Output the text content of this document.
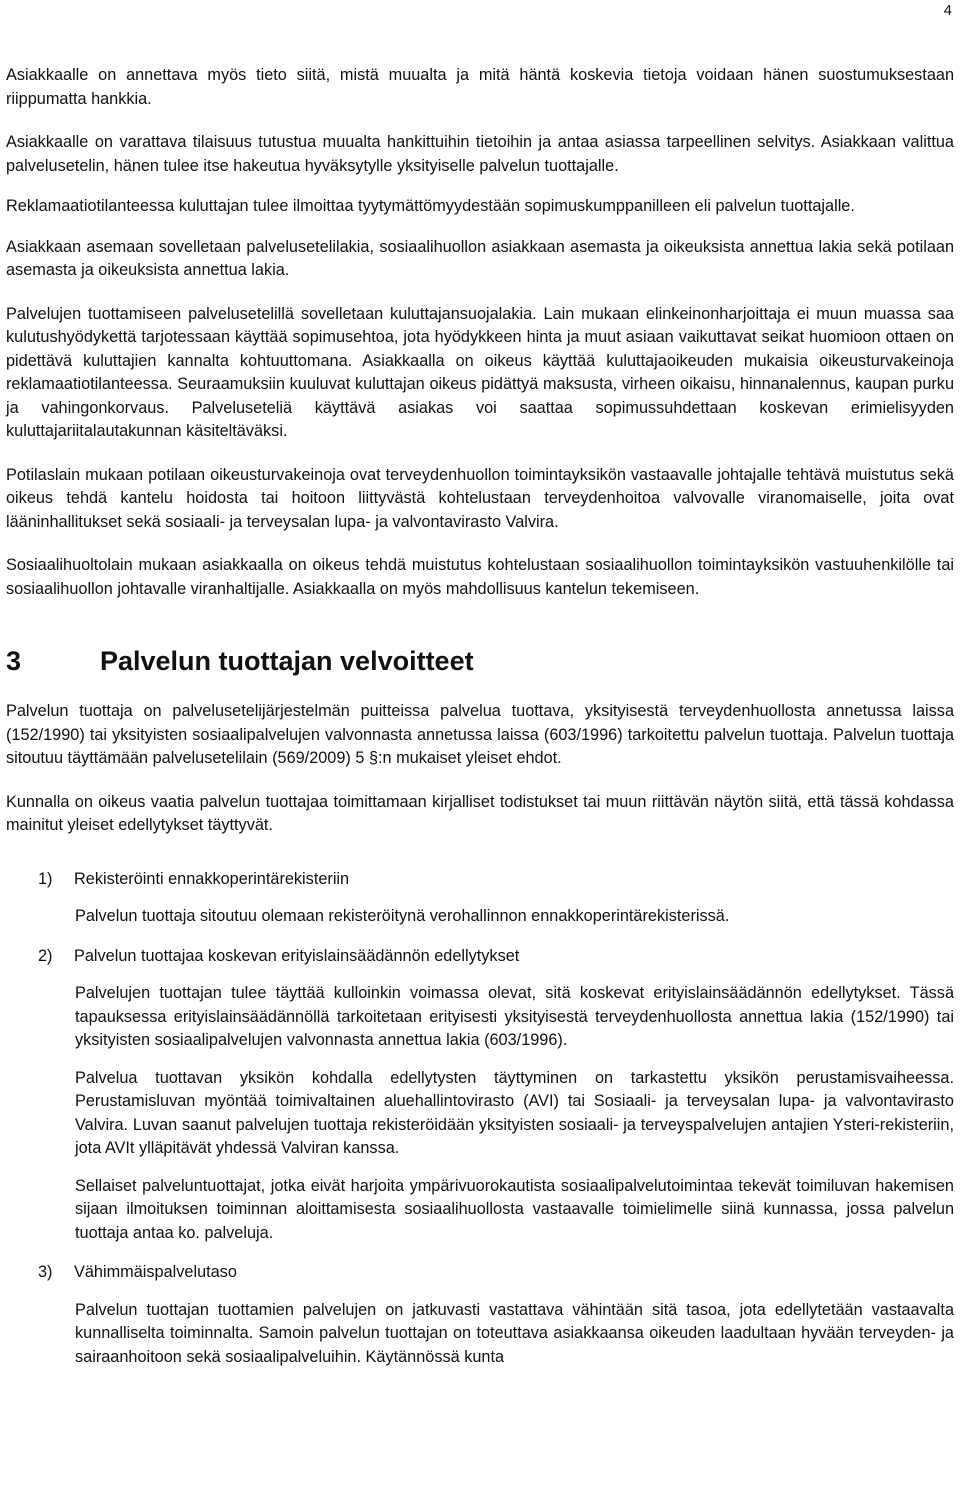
4

Asiakkaalle on annettava myös tieto siitä, mistä muualta ja mitä häntä koskevia tietoja voidaan hänen suostumuksestaan riippumatta hankkia.

Asiakkaalle on varattava tilaisuus tutustua muualta hankittuihin tietoihin ja antaa asiassa tarpeellinen selvitys. Asiakkaan valittua palvelusetelin, hänen tulee itse hakeutua hyväksytylle yksityiselle palvelun tuottajalle.

Reklamaatiotilanteessa kuluttajan tulee ilmoittaa tyytymättömyydestään sopimuskumppanilleen eli palvelun tuottajalle.

Asiakkaan asemaan sovelletaan palvelusetelilakia, sosiaalihuollon asiakkaan asemasta ja oikeuksista annettua lakia sekä potilaan asemasta ja oikeuksista annettua lakia.

Palvelujen tuottamiseen palvelusetelillä sovelletaan kuluttajansuojalakia. Lain mukaan elinkeinonharjoittaja ei muun muassa saa kulutushyödykettä tarjotessaan käyttää sopimusehtoa, jota hyödykkeen hinta ja muut asiaan vaikuttavat seikat huomioon ottaen on pidettävä kuluttajien kannalta kohtuuttomana. Asiakkaalla on oikeus käyttää kuluttajaoikeuden mukaisia oikeusturvakeinoja reklamaatiotilanteessa. Seuraamuksiin kuuluvat kuluttajan oikeus pidättyä maksusta, virheen oikaisu, hinnanalennus, kaupan purku ja vahingonkorvaus. Palveluseteliä käyttävä asiakas voi saattaa sopimussuhdettaan koskevan erimielisyyden kuluttajariitalautakunnan käsiteltäväksi.

Potilaslain mukaan potilaan oikeusturvakeinoja ovat terveydenhuollon toimintayksikön vastaavalle johtajalle tehtävä muistutus sekä oikeus tehdä kantelu hoidosta tai hoitoon liittyvästä kohtelustaan terveydenhoitoa valvovalle viranomaiselle, joita ovat lääninhallitukset sekä sosiaali- ja terveysalan lupa- ja valvontavirasto Valvira.

Sosiaalihuoltolain mukaan asiakkaalla on oikeus tehdä muistutus kohtelustaan sosiaalihuollon toimintayksikön vastuuhenkilölle tai sosiaalihuollon johtavalle viranhaltijalle. Asiakkaalla on myös mahdollisuus kantelun tekemiseen.

3	Palvelun tuottajan velvoitteet

Palvelun tuottaja on palvelusetelijärjestelmän puitteissa palvelua tuottava, yksityisestä terveydenhuollosta annetussa laissa (152/1990) tai yksityisten sosiaalipalvelujen valvonnasta annetussa laissa (603/1996) tarkoitettu palvelun tuottaja. Palvelun tuottaja sitoutuu täyttämään palvelusetelilain (569/2009) 5 §:n mukaiset yleiset ehdot.

Kunnalla on oikeus vaatia palvelun tuottajaa toimittamaan kirjalliset todistukset tai muun riittävän näytön siitä, että tässä kohdassa mainitut yleiset edellytykset täyttyvät.

1)	Rekisteröinti ennakkoperintärekisteriin

Palvelun tuottaja sitoutuu olemaan rekisteröitynä verohallinnon ennakkoperintärekisterissä.

2)	Palvelun tuottajaa koskevan erityislainsäädännön edellytykset

Palvelujen tuottajan tulee täyttää kulloinkin voimassa olevat, sitä koskevat erityislainsäädännön edellytykset. Tässä tapauksessa erityislainsäädännöllä tarkoitetaan erityisesti yksityisestä terveydenhuollosta annettua lakia (152/1990) tai yksityisten sosiaalipalvelujen valvonnasta annettua lakia (603/1996).

Palvelua tuottavan yksikön kohdalla edellytysten täyttyminen on tarkastettu yksikön perustamisvaiheessa. Perustamisluvan myöntää toimivaltainen aluehallintovirasto (AVI) tai Sosiaali- ja terveysalan lupa- ja valvontavirasto Valvira. Luvan saanut palvelujen tuottaja rekisteröidään yksityisten sosiaali- ja terveyspalvelujen antajien Ysteri-rekisteriin, jota AVIt ylläpitävät yhdessä Valviran kanssa.

Sellaiset palveluntuottajat, jotka eivät harjoita ympärivuorokautista sosiaalipalvelutoimintaa tekevät toimiluvan hakemisen sijaan ilmoituksen toiminnan aloittamisesta sosiaalihuollosta vastaavalle toimielimelle siinä kunnassa, jossa palvelun tuottaja antaa ko. palveluja.

3)	Vähimmäispalvelutaso

Palvelun tuottajan tuottamien palvelujen on jatkuvasti vastattava vähintään sitä tasoa, jota edellytetään vastaavalta kunnalliselta toiminnalta. Samoin palvelun tuottajan on toteuttava asiakkaansa oikeuden laadultaan hyvään terveyden- ja sairaanhoitoon sekä sosiaalipalveluihin. Käytännössä kunta
